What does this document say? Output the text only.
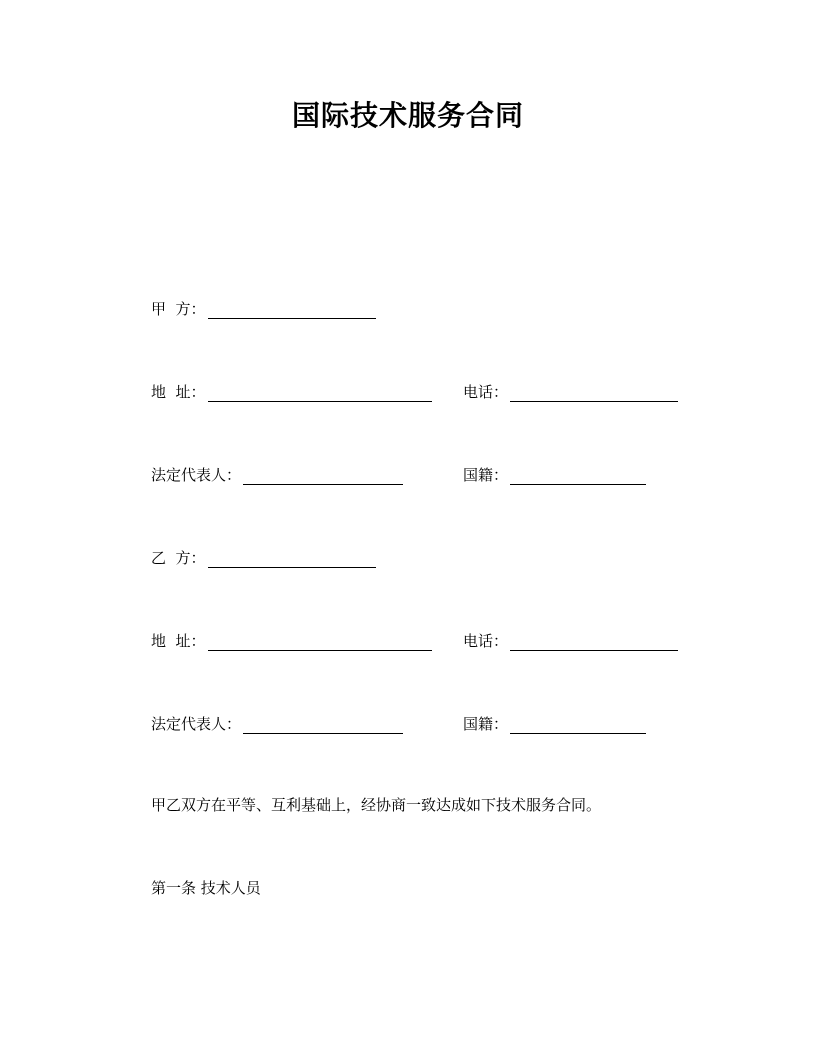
国际技术服务合同
甲  方：
地  址：	电话：
法定代表人：	国籍：
乙  方：
地  址：	电话：
法定代表人：	国籍：
甲乙双方在平等、互利基础上，经协商一致达成如下技术服务合同。
第一条 技术人员
